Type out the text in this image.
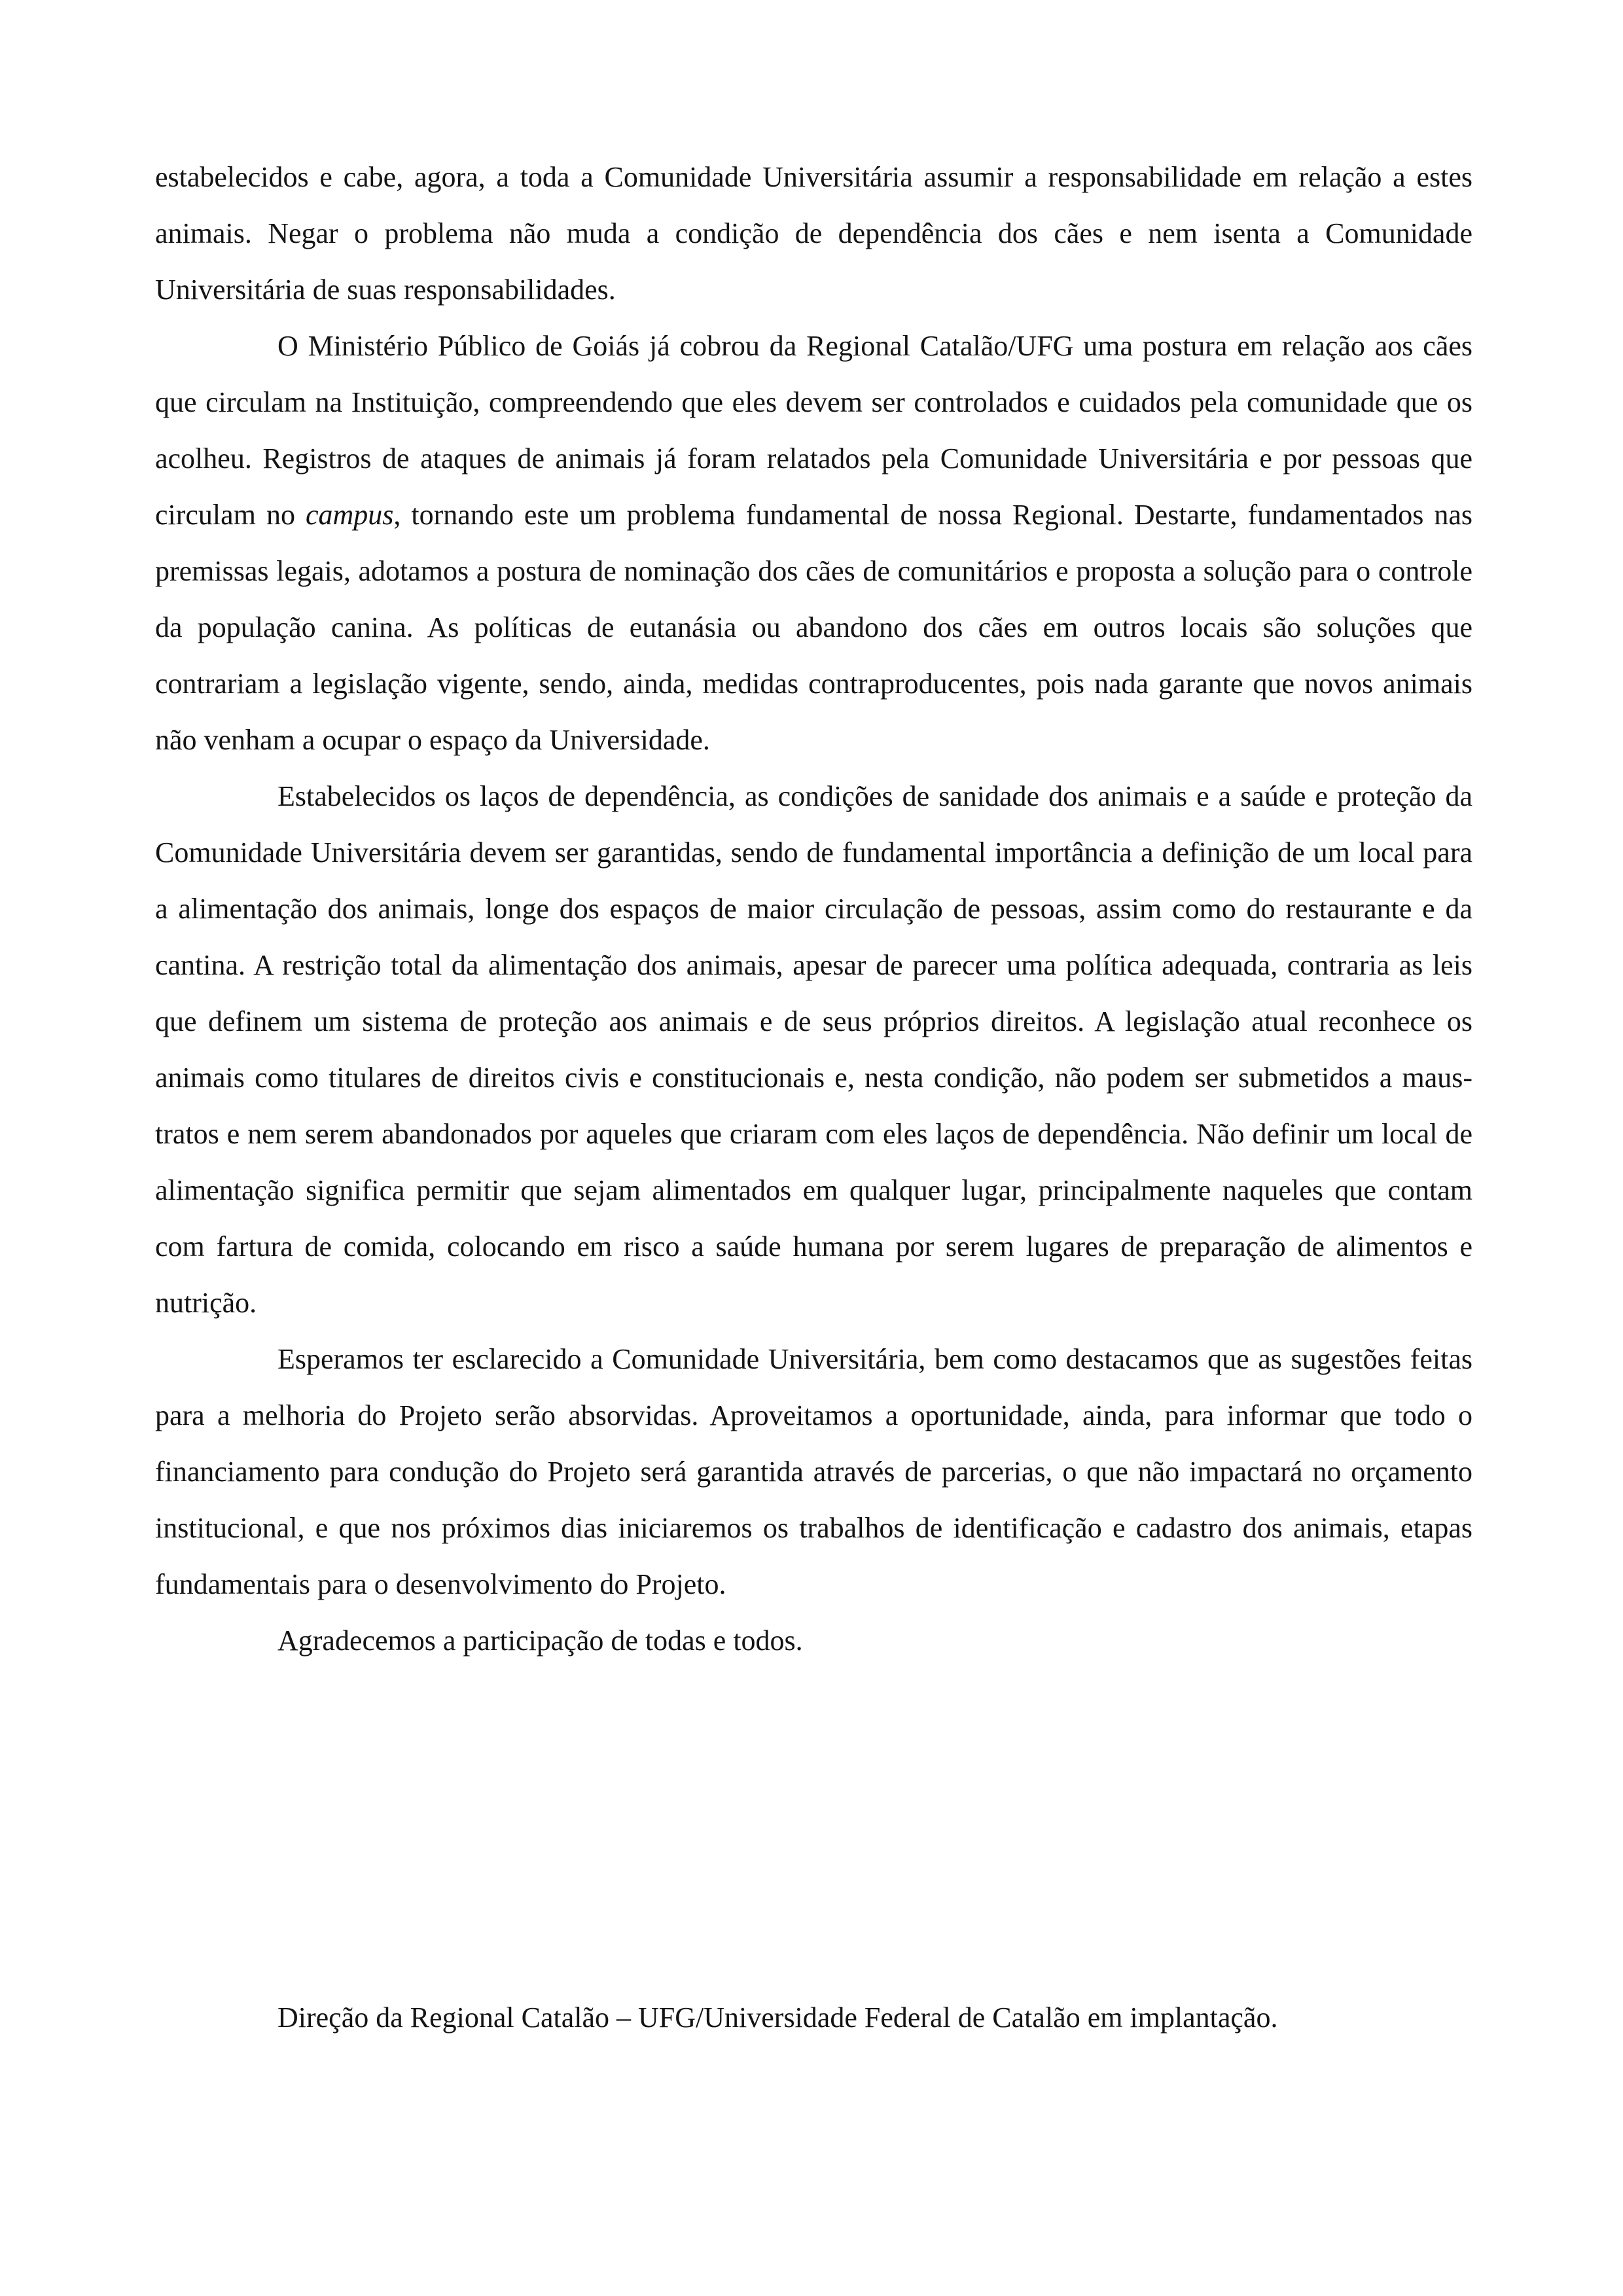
estabelecidos e cabe, agora, a toda a Comunidade Universitária assumir a responsabilidade em relação a estes animais. Negar o problema não muda a condição de dependência dos cães e nem isenta a Comunidade Universitária de suas responsabilidades.

O Ministério Público de Goiás já cobrou da Regional Catalão/UFG uma postura em relação aos cães que circulam na Instituição, compreendendo que eles devem ser controlados e cuidados pela comunidade que os acolheu. Registros de ataques de animais já foram relatados pela Comunidade Universitária e por pessoas que circulam no campus, tornando este um problema fundamental de nossa Regional. Destarte, fundamentados nas premissas legais, adotamos a postura de nominação dos cães de comunitários e proposta a solução para o controle da população canina. As políticas de eutanásia ou abandono dos cães em outros locais são soluções que contrariam a legislação vigente, sendo, ainda, medidas contraproducentes, pois nada garante que novos animais não venham a ocupar o espaço da Universidade.

Estabelecidos os laços de dependência, as condições de sanidade dos animais e a saúde e proteção da Comunidade Universitária devem ser garantidas, sendo de fundamental importância a definição de um local para a alimentação dos animais, longe dos espaços de maior circulação de pessoas, assim como do restaurante e da cantina. A restrição total da alimentação dos animais, apesar de parecer uma política adequada, contraria as leis que definem um sistema de proteção aos animais e de seus próprios direitos. A legislação atual reconhece os animais como titulares de direitos civis e constitucionais e, nesta condição, não podem ser submetidos a maus-tratos e nem serem abandonados por aqueles que criaram com eles laços de dependência. Não definir um local de alimentação significa permitir que sejam alimentados em qualquer lugar, principalmente naqueles que contam com fartura de comida, colocando em risco a saúde humana por serem lugares de preparação de alimentos e nutrição.

Esperamos ter esclarecido a Comunidade Universitária, bem como destacamos que as sugestões feitas para a melhoria do Projeto serão absorvidas. Aproveitamos a oportunidade, ainda, para informar que todo o financiamento para condução do Projeto será garantida através de parcerias, o que não impactará no orçamento institucional, e que nos próximos dias iniciaremos os trabalhos de identificação e cadastro dos animais, etapas fundamentais para o desenvolvimento do Projeto.

Agradecemos a participação de todas e todos.

Direção da Regional Catalão – UFG/Universidade Federal de Catalão em implantação.
